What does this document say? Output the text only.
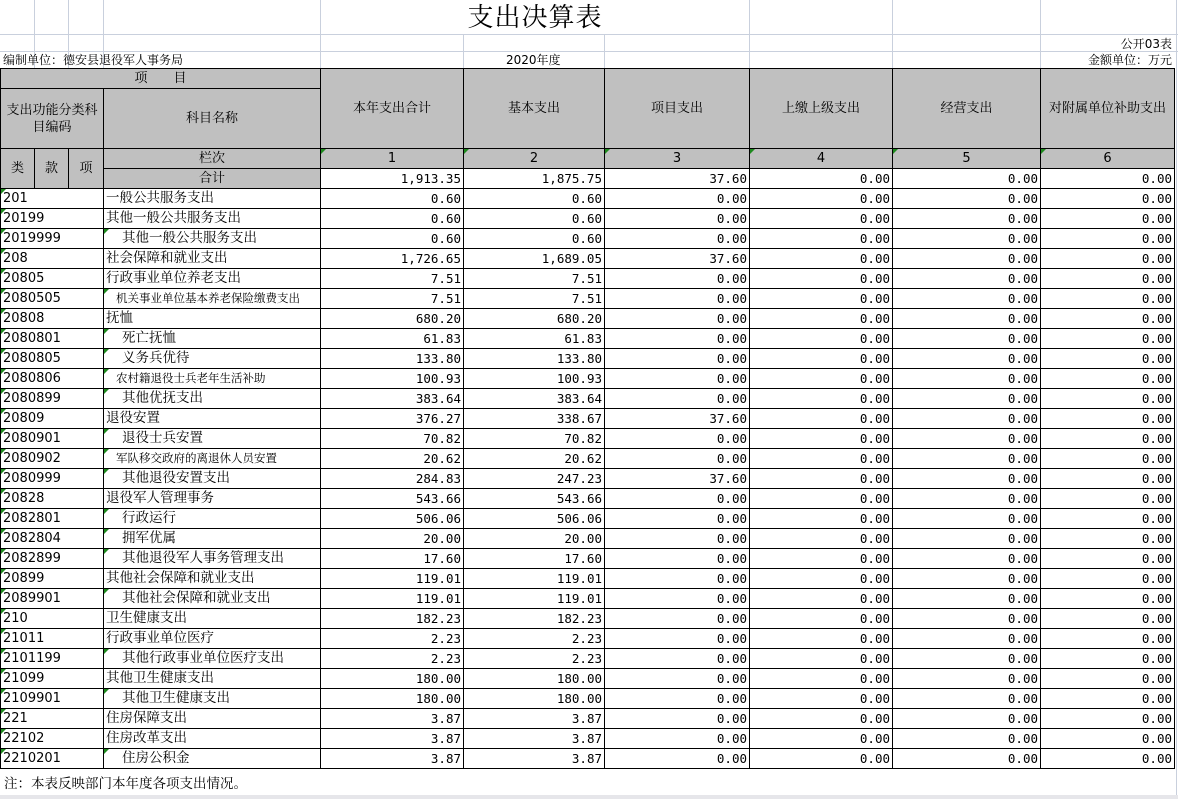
支出决算表
公开03表
编制单位：德安县退役军人事务局	2020年度	金额单位：万元
项　　目				本年支出合计	基本支出	项目支出	上缴上级支出	经营支出	对附属单位补助支出
支出功能分类科目编码			科目名称						
类	款	项	栏次	1	2	3	4	5	6
			合计	1,913.35	1,875.75	37.60	0.00	0.00	0.00
201			一般公共服务支出	0.60	0.60	0.00	0.00	0.00	0.00
20199			其他一般公共服务支出	0.60	0.60	0.00	0.00	0.00	0.00
2019999			其他一般公共服务支出	0.60	0.60	0.00	0.00	0.00	0.00
208			社会保障和就业支出	1,726.65	1,689.05	37.60	0.00	0.00	0.00
20805			行政事业单位养老支出	7.51	7.51	0.00	0.00	0.00	0.00
2080505			机关事业单位基本养老保险缴费支出	7.51	7.51	0.00	0.00	0.00	0.00
20808			抚恤	680.20	680.20	0.00	0.00	0.00	0.00
2080801			死亡抚恤	61.83	61.83	0.00	0.00	0.00	0.00
2080805			义务兵优待	133.80	133.80	0.00	0.00	0.00	0.00
2080806			农村籍退役士兵老年生活补助	100.93	100.93	0.00	0.00	0.00	0.00
2080899			其他优抚支出	383.64	383.64	0.00	0.00	0.00	0.00
20809			退役安置	376.27	338.67	37.60	0.00	0.00	0.00
2080901			退役士兵安置	70.82	70.82	0.00	0.00	0.00	0.00
2080902			军队移交政府的离退休人员安置	20.62	20.62	0.00	0.00	0.00	0.00
2080999			其他退役安置支出	284.83	247.23	37.60	0.00	0.00	0.00
20828			退役军人管理事务	543.66	543.66	0.00	0.00	0.00	0.00
2082801			行政运行	506.06	506.06	0.00	0.00	0.00	0.00
2082804			拥军优属	20.00	20.00	0.00	0.00	0.00	0.00
2082899			其他退役军人事务管理支出	17.60	17.60	0.00	0.00	0.00	0.00
20899			其他社会保障和就业支出	119.01	119.01	0.00	0.00	0.00	0.00
2089901			其他社会保障和就业支出	119.01	119.01	0.00	0.00	0.00	0.00
210			卫生健康支出	182.23	182.23	0.00	0.00	0.00	0.00
21011			行政事业单位医疗	2.23	2.23	0.00	0.00	0.00	0.00
2101199			其他行政事业单位医疗支出	2.23	2.23	0.00	0.00	0.00	0.00
21099			其他卫生健康支出	180.00	180.00	0.00	0.00	0.00	0.00
2109901			其他卫生健康支出	180.00	180.00	0.00	0.00	0.00	0.00
221			住房保障支出	3.87	3.87	0.00	0.00	0.00	0.00
22102			住房改革支出	3.87	3.87	0.00	0.00	0.00	0.00
2210201			住房公积金	3.87	3.87	0.00	0.00	0.00	0.00
注：本表反映部门本年度各项支出情况。
